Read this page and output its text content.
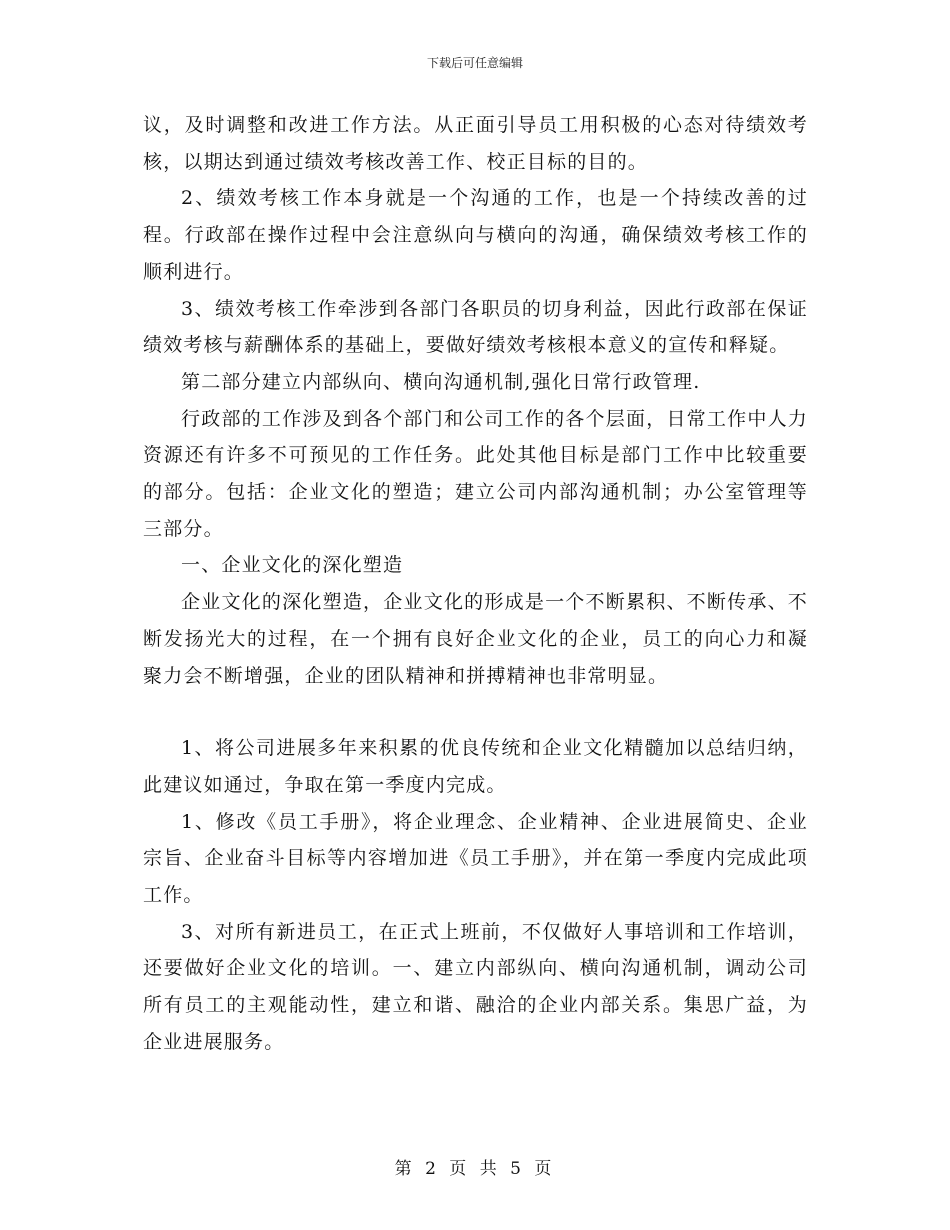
下载后可任意编辑

议，及时调整和改进工作方法。从正面引导员工用积极的心态对待绩效考核，以期达到通过绩效考核改善工作、校正目标的目的。

2、绩效考核工作本身就是一个沟通的工作，也是一个持续改善的过程。行政部在操作过程中会注意纵向与横向的沟通，确保绩效考核工作的顺利进行。

3、绩效考核工作牵涉到各部门各职员的切身利益，因此行政部在保证绩效考核与薪酬体系的基础上，要做好绩效考核根本意义的宣传和释疑。

第二部分建立内部纵向、横向沟通机制,强化日常行政管理.

行政部的工作涉及到各个部门和公司工作的各个层面，日常工作中人力资源还有许多不可预见的工作任务。此处其他目标是部门工作中比较重要的部分。包括：企业文化的塑造；建立公司内部沟通机制；办公室管理等三部分。

一、企业文化的深化塑造

企业文化的深化塑造，企业文化的形成是一个不断累积、不断传承、不断发扬光大的过程，在一个拥有良好企业文化的企业，员工的向心力和凝聚力会不断增强，企业的团队精神和拼搏精神也非常明显。

1、将公司进展多年来积累的优良传统和企业文化精髓加以总结归纳，此建议如通过，争取在第一季度内完成。

1、修改《员工手册》，将企业理念、企业精神、企业进展简史、企业宗旨、企业奋斗目标等内容增加进《员工手册》，并在第一季度内完成此项工作。

3、对所有新进员工，在正式上班前，不仅做好人事培训和工作培训，还要做好企业文化的培训。一、建立内部纵向、横向沟通机制，调动公司所有员工的主观能动性，建立和谐、融洽的企业内部关系。集思广益，为企业进展服务。

第 2 页 共 5 页
